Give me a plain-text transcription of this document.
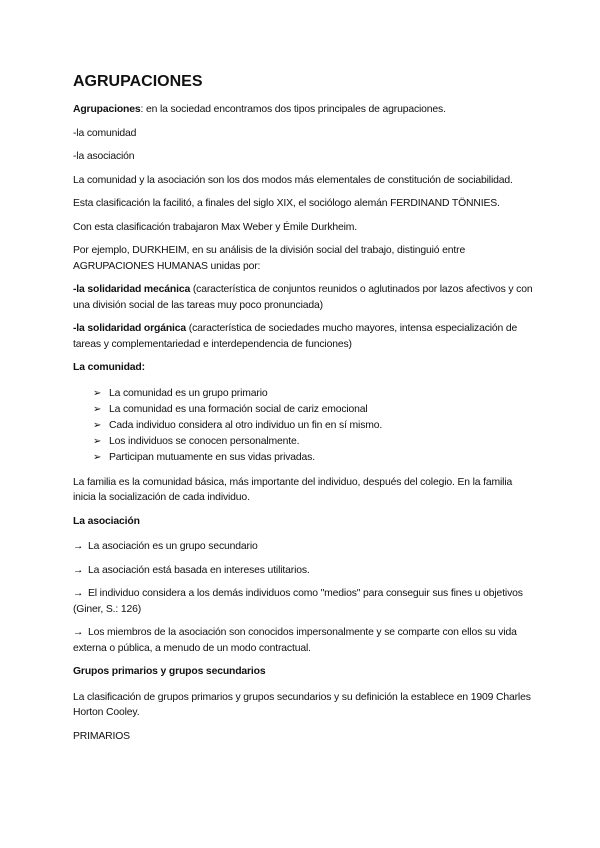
AGRUPACIONES

Agrupaciones: en la sociedad encontramos dos tipos principales de agrupaciones.

-la comunidad

-la asociación

La comunidad y la asociación son los dos modos más elementales de constitución de sociabilidad.

Esta clasificación la facilitó, a finales del siglo XIX, el sociólogo alemán FERDINAND TÖNNIES.

Con esta clasificación trabajaron Max Weber y Émile Durkheim.

Por ejemplo, DURKHEIM, en su análisis de la división social del trabajo, distinguió entre AGRUPACIONES HUMANAS unidas por:

-la solidaridad mecánica (característica de conjuntos reunidos o aglutinados por lazos afectivos y con una división social de las tareas muy poco pronunciada)

-la solidaridad orgánica (característica de sociedades mucho mayores, intensa especialización de tareas y complementariedad e interdependencia de funciones)

La comunidad:
➢ La comunidad es un grupo primario
➢ La comunidad es una formación social de cariz emocional
➢ Cada individuo considera al otro individuo un fin en sí mismo.
➢ Los individuos se conocen personalmente.
➢ Participan mutuamente en sus vidas privadas.

La familia es la comunidad básica, más importante del individuo, después del colegio. En la familia inicia la socialización de cada individuo.

La asociación

→ La asociación es un grupo secundario

→ La asociación está basada en intereses utilitarios.

→ El individuo considera a los demás individuos como "medios" para conseguir sus fines u objetivos (Giner, S.: 126)

→ Los miembros de la asociación son conocidos impersonalmente y se comparte con ellos su vida externa o pública, a menudo de un modo contractual.

Grupos primarios y grupos secundarios

La clasificación de grupos primarios y grupos secundarios y su definición la establece en 1909 Charles Horton Cooley.

PRIMARIOS
